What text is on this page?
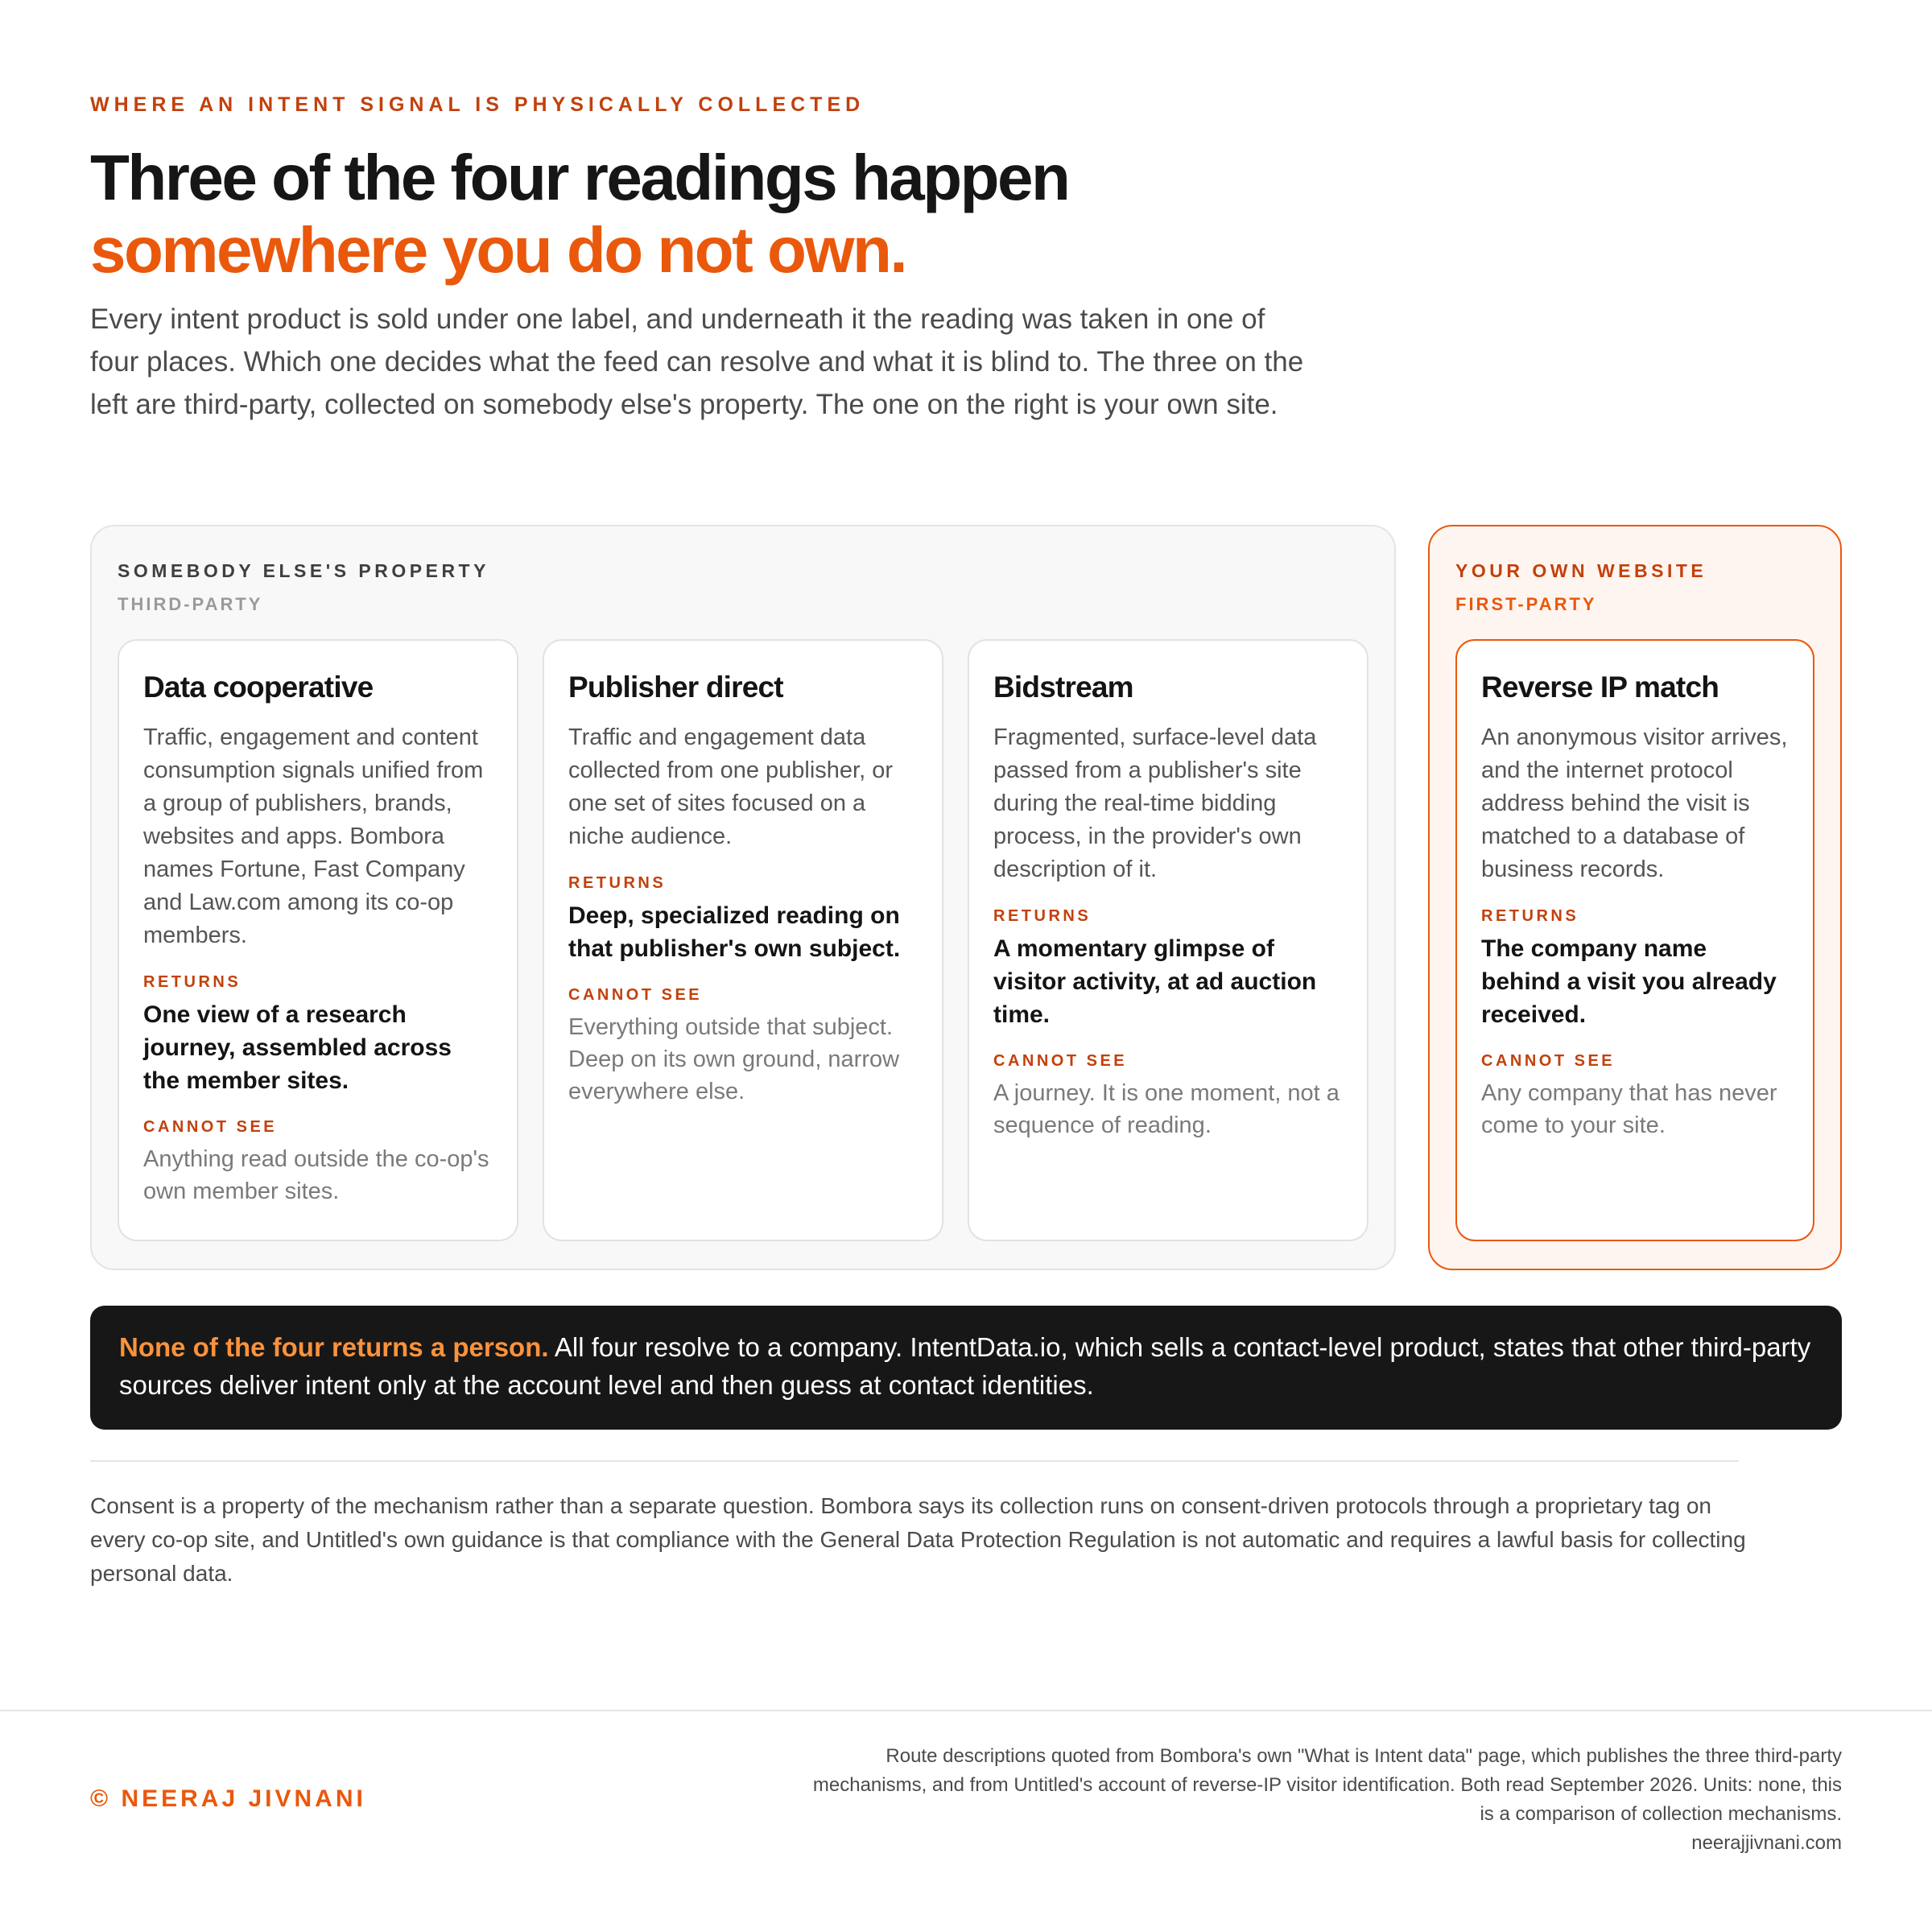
WHERE AN INTENT SIGNAL IS PHYSICALLY COLLECTED
Three of the four readings happen
somewhere you do not own.

Every intent product is sold under one label, and underneath it the reading was taken in one of four places. Which one decides what the feed can resolve and what it is blind to. The three on the left are third-party, collected on somebody else's property. The one on the right is your own site.

SOMEBODY ELSE'S PROPERTY
THIRD-PARTY
Data cooperative
Traffic, engagement and content consumption signals unified from a group of publishers, brands, websites and apps. Bombora names Fortune, Fast Company and Law.com among its co-op members.
RETURNS
One view of a research journey, assembled across the member sites.
CANNOT SEE
Anything read outside the co-op's own member sites.
Publisher direct
Traffic and engagement data collected from one publisher, or one set of sites focused on a niche audience.
RETURNS
Deep, specialized reading on that publisher's own subject.
CANNOT SEE
Everything outside that subject. Deep on its own ground, narrow everywhere else.
Bidstream
Fragmented, surface-level data passed from a publisher's site during the real-time bidding process, in the provider's own description of it.
RETURNS
A momentary glimpse of visitor activity, at ad auction time.
CANNOT SEE
A journey. It is one moment, not a sequence of reading.
YOUR OWN WEBSITE
FIRST-PARTY
Reverse IP match
An anonymous visitor arrives, and the internet protocol address behind the visit is matched to a database of business records.
RETURNS
The company name behind a visit you already received.
CANNOT SEE
Any company that has never come to your site.
None of the four returns a person. All four resolve to a company. IntentData.io, which sells a contact-level product, states that other third-party sources deliver intent only at the account level and then guess at contact identities.

Consent is a property of the mechanism rather than a separate question. Bombora says its collection runs on consent-driven protocols through a proprietary tag on every co-op site, and Untitled's own guidance is that compliance with the General Data Protection Regulation is not automatic and requires a lawful basis for collecting personal data.

© NEERAJ JIVNANI
Route descriptions quoted from Bombora's own "What is Intent data" page, which publishes the three third-party
mechanisms, and from Untitled's account of reverse-IP visitor identification. Both read September 2026. Units: none, this
is a comparison of collection mechanisms.
neerajjivnani.com
